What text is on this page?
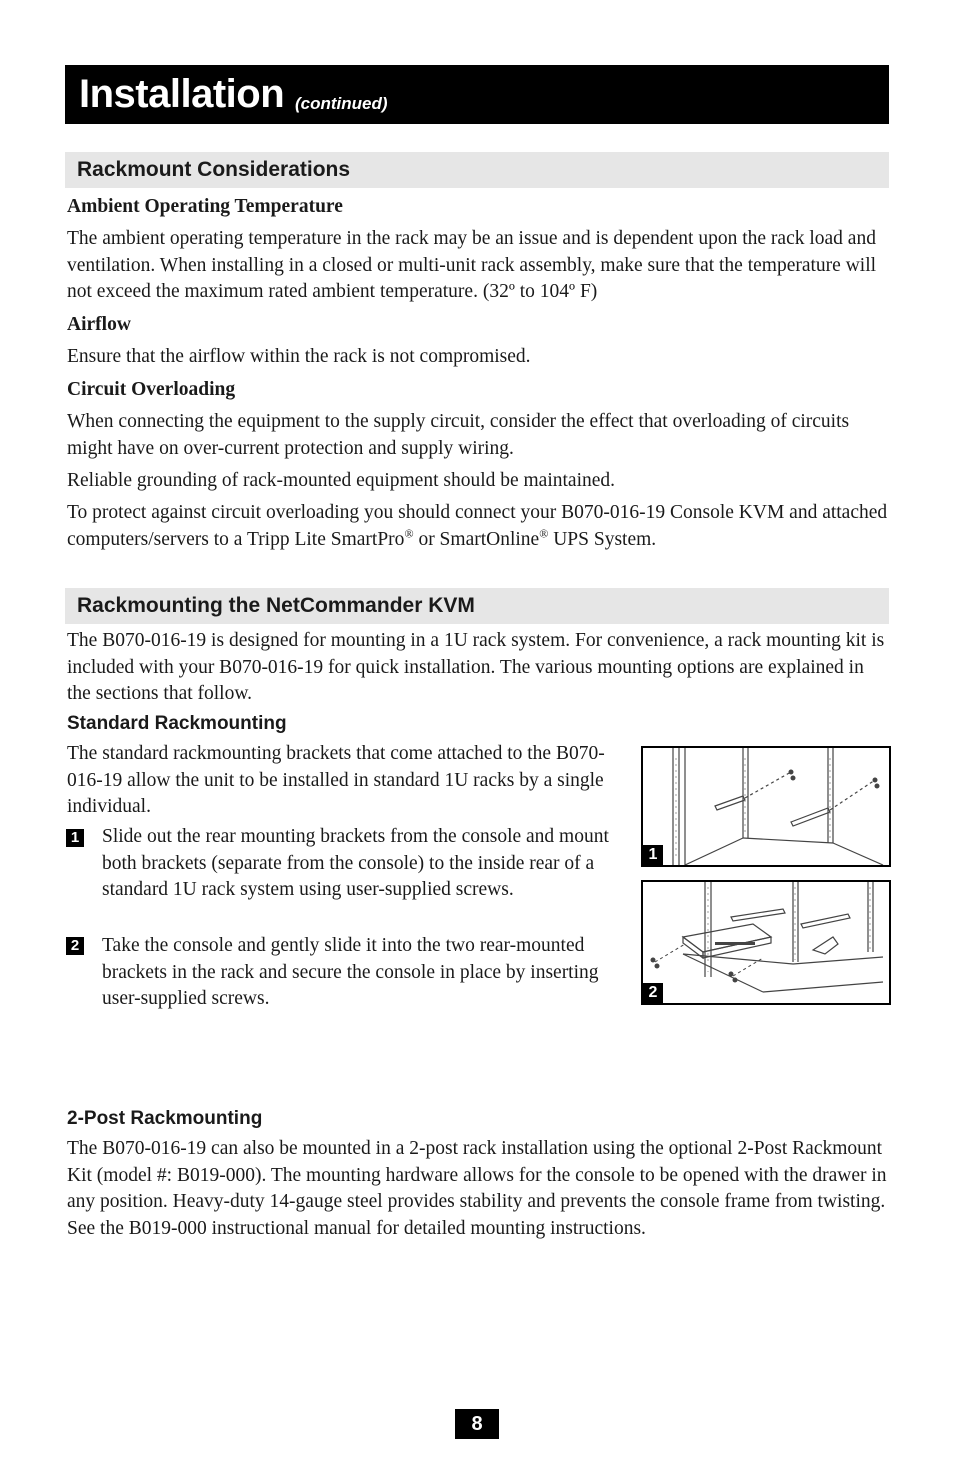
Installation (continued)
Rackmount Considerations

Ambient Operating Temperature

The ambient operating temperature in the rack may be an issue and is dependent upon the rack load and ventilation. When installing in a closed or multi-unit rack assembly, make sure that the temperature will not exceed the maximum rated ambient temperature. (32º to 104º F)

Airflow

Ensure that the airflow within the rack is not compromised.

Circuit Overloading

When connecting the equipment to the supply circuit, consider the effect that overloading of circuits might have on over-current protection and supply wiring.

Reliable grounding of rack-mounted equipment should be maintained.

To protect against circuit overloading you should connect your B070-016-19 Console KVM and attached computers/servers to a Tripp Lite SmartPro® or SmartOnline® UPS System.

Rackmounting the NetCommander KVM

The B070-016-19 is designed for mounting in a 1U rack system. For convenience, a rack mounting kit is included with your B070-016-19 for quick installation. The various mounting options are explained in the sections that follow.

Standard Rackmounting

The standard rackmounting brackets that come attached to the B070-016-19 allow the unit to be installed in standard 1U racks by a single individual.

1 Slide out the rear mounting brackets from the console and mount both brackets (separate from the console) to the inside rear of a standard 1U rack system using user-supplied screws.

2 Take the console and gently slide it into the two rear-mounted brackets in the rack and secure the console in place by inserting user-supplied screws.

1
2

2-Post Rackmounting

The B070-016-19 can also be mounted in a 2-post rack installation using the optional 2-Post Rackmount Kit (model #: B019-000). The mounting hardware allows for the console to be opened with the drawer in any position. Heavy-duty 14-gauge steel provides stability and prevents the console frame from twisting. See the B019-000 instructional manual for detailed mounting instructions.

8
